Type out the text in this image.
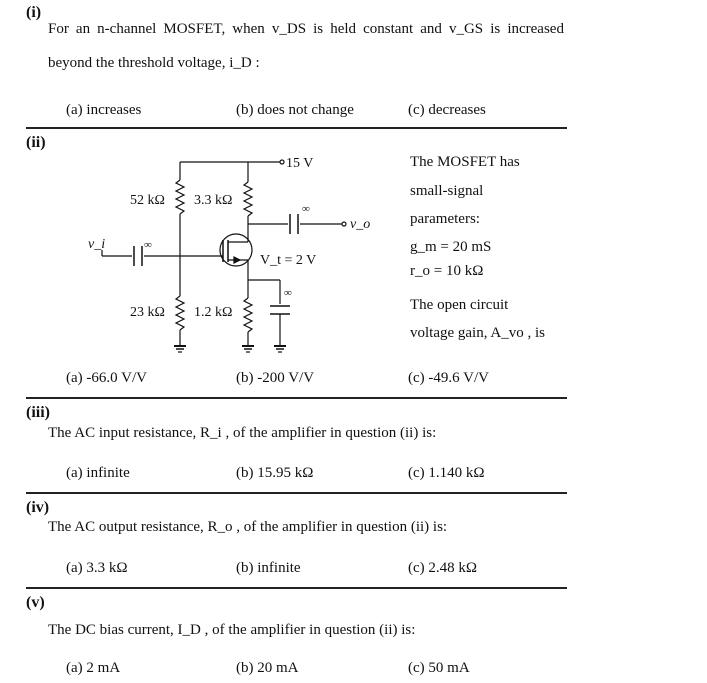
(i)
For an n-channel MOSFET, when v_DS is held constant and v_GS is increased
beyond the threshold voltage, i_D :
(a) increases	(b) does not change	(c) decreases
(ii)
15 V
52 kΩ 3.3 kΩ
23 kΩ 1.2 kΩ
V_t = 2 V
v_i
v_o
∞
∞
∞
The MOSFET has
small-signal
parameters:
g_m = 20 mS
r_o = 10 kΩ
The open circuit
voltage gain, A_vo , is
(a) -66.0 V/V	(b) -200 V/V	(c) -49.6 V/V
(iii)
The AC input resistance, R_i , of the amplifier in question (ii) is:
(a) infinite	(b) 15.95 kΩ	(c) 1.140 kΩ
(iv)
The AC output resistance, R_o , of the amplifier in question (ii) is:
(a) 3.3 kΩ	(b) infinite	(c) 2.48 kΩ
(v)
The DC bias current, I_D , of the amplifier in question (ii) is:
(a) 2 mA	(b) 20 mA	(c) 50 mA
